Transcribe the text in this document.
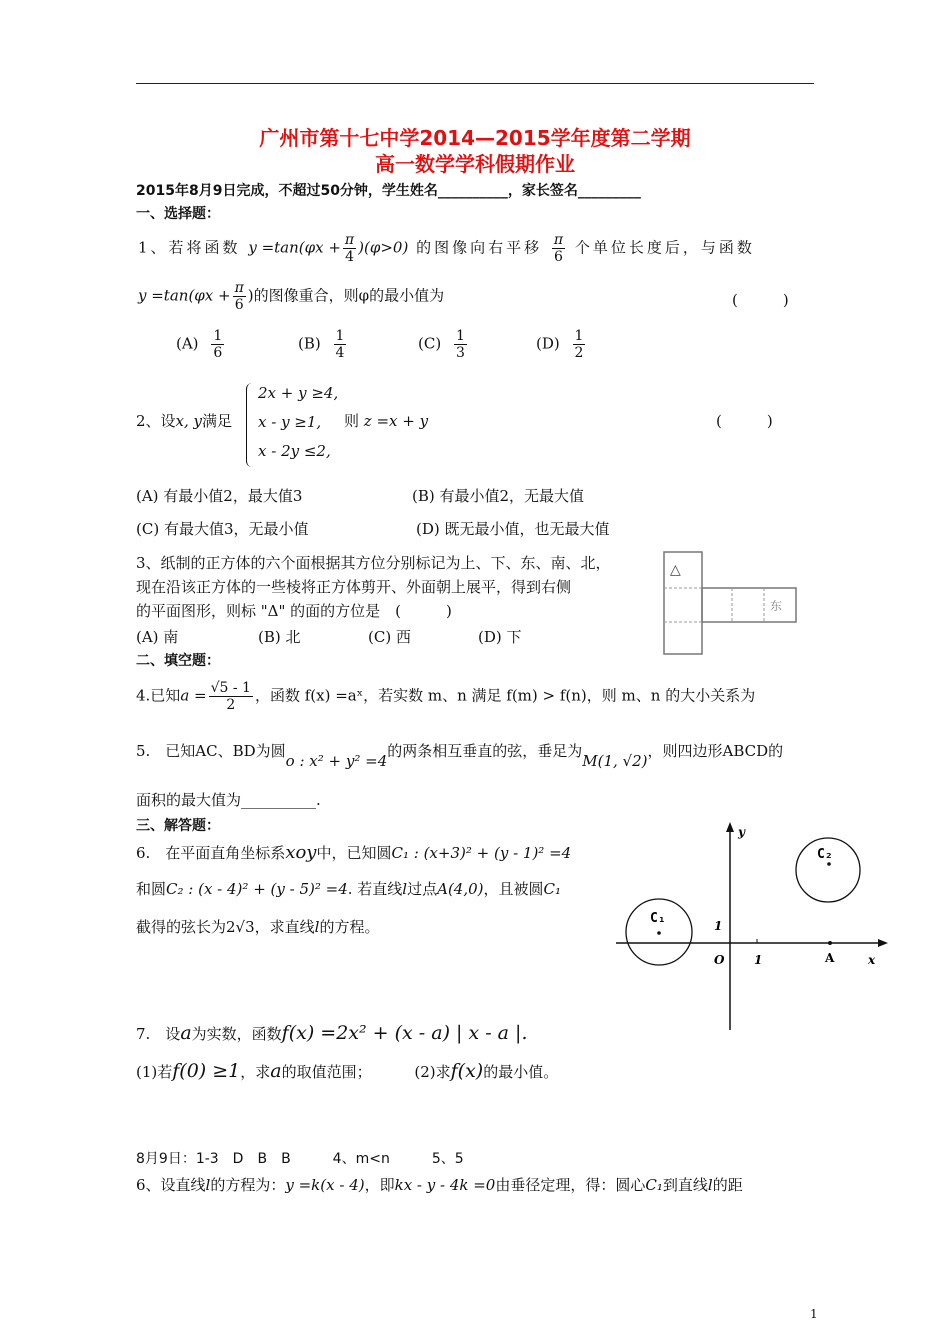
广州市第十七中学2014—2015学年度第二学期
高一数学学科假期作业
2015年8月9日完成，不超过50分钟，学生姓名__________，家长签名_________
一、选择题：
1、若将函数 $y =\tan(\varphi x + \frac{\pi}{4} )(\varphi>0)$ 的图像向右平移 $\frac{\pi}{6}$ 个单位长度后，与函数
$y =\tan(\varphi x + \frac{\pi}{6}$ )的图像重合，则φ的最小值为	(　　　)
$(A) \frac{1}{6}$	$(B) \frac{1}{4}$	$(C) \frac{1}{3}$	$(D) \frac{1}{2}$
2、设x, y满足
2x + y ≥4,
x - y ≥1,
x - 2y ≤2,
则 z =x + y	(　　　)
(A) 有最小值2，最大值3	(B) 有最小值2，无最大值
(C) 有最大值3，无最小值	(D) 既无最小值，也无最大值
3、纸制的正方体的六个面根据其方位分别标记为上、下、东、南、北，
现在沿该正方体的一些棱将正方体剪开、外面朝上展平，得到右侧
的平面图形，则标 "Δ" 的面的方位是　(　　　)
(A) 南	(B) 北	(C) 西	(D) 下
△
东
二、填空题：
4.已知$a = \frac{√5 - 1}{2}$ ，函数 f(x) =aˣ，若实数 m、n 满足 f(m) > f(n)，则 m、n 的大小关系为
5.　已知AC、BD为圆o : x² + y² =4的两条相互垂直的弦，垂足为M(1, √2)，则四边形ABCD的
面积的最大值为__________.
三、解答题：
6.　在平面直角坐标系xoy中，已知圆C₁ : (x+3)² + (y - 1)² =4
和圆C₂ : (x - 4)² + (y - 5)² =4. 若直线l过点A(4,0)，且被圆C₁
截得的弦长为2√3，求直线l的方程。
y
x
O 1
1
A
C₁
C₂
7.　设a为实数，函数f(x) =2x² + (x - a) | x - a |.
(1)若f(0) ≥1，求a的取值范围；	(2)求f(x)的最小值。
8月9日：1-3　D　B　B　　　4、m<n　　　5、5
6、设直线l的方程为：y =k(x - 4)，即kx - y - 4k =0由垂径定理，得：圆心C₁到直线l的距
1
